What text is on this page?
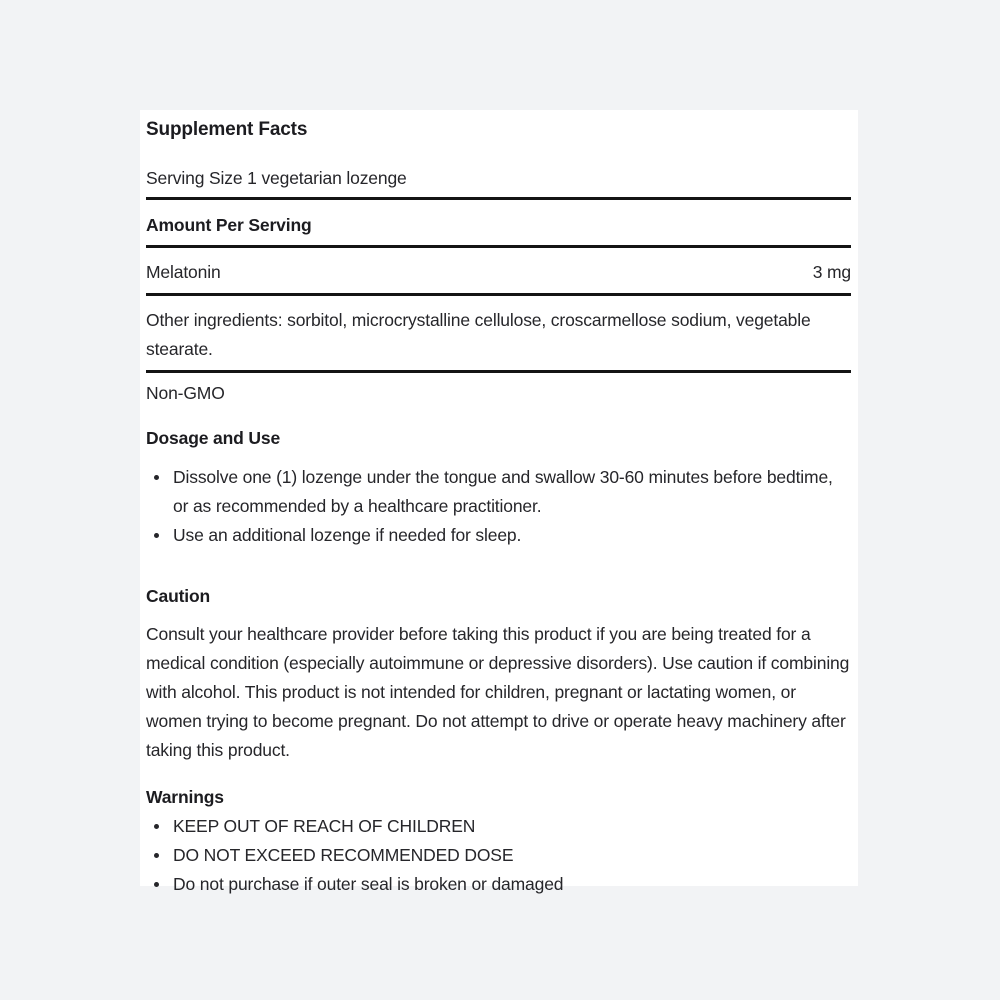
Supplement Facts
Serving Size 1 vegetarian lozenge
Amount Per Serving
Melatonin	3 mg

Other ingredients: sorbitol, microcrystalline cellulose, croscarmellose sodium, vegetable stearate.

Non-GMO
Dosage and Use
Dissolve one (1) lozenge under the tongue and swallow 30-60 minutes before bedtime, or as recommended by a healthcare practitioner.
Use an additional lozenge if needed for sleep.
Caution

Consult your healthcare provider before taking this product if you are being treated for a medical condition (especially autoimmune or depressive disorders). Use caution if combining with alcohol. This product is not intended for children, pregnant or lactating women, or women trying to become pregnant. Do not attempt to drive or operate heavy machinery after taking this product.

Warnings
KEEP OUT OF REACH OF CHILDREN
DO NOT EXCEED RECOMMENDED DOSE
Do not purchase if outer seal is broken or damaged
